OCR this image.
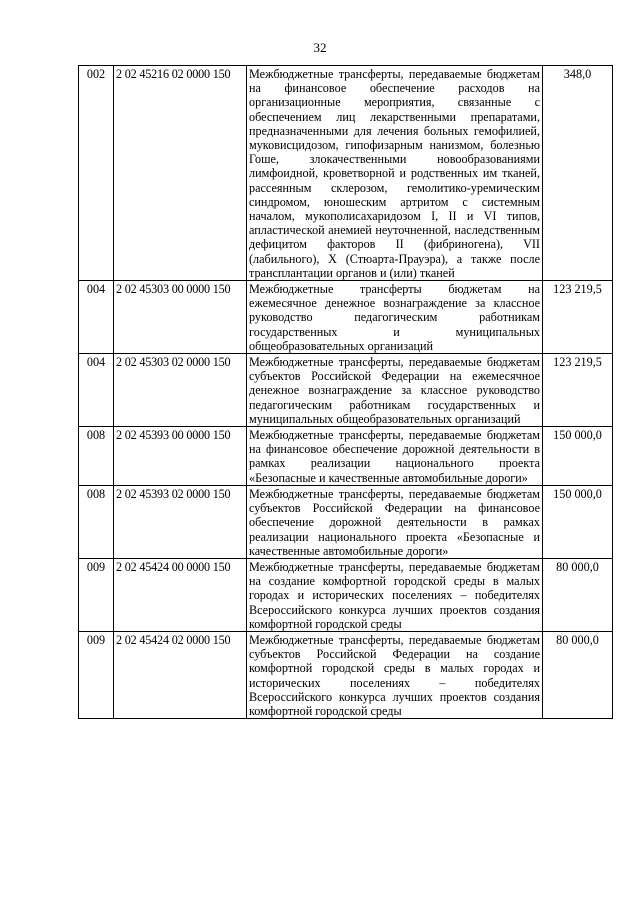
32
002	2 02 45216 02 0000 150	Межбюджетные трансферты, передаваемые бюджетам на финансовое обеспечение расходов на организационные мероприятия, связанные с обеспечением лиц лекарственными препаратами, предназначенными для лечения больных гемофилией, муковисцидозом, гипофизарным нанизмом, болезнью Гоше, злокачественными новообразованиями лимфоидной, кроветворной и родственных им тканей, рассеянным склерозом, гемолитико-уремическим синдромом, юношеским артритом с системным началом, мукополисахаридозом I, II и VI типов, апластической анемией неуточненной, наследственным дефицитом факторов II (фибриногена), VII (лабильного), X (Стюарта-Прауэра), а также после трансплантации органов и (или) тканей	348,0
004	2 02 45303 00 0000 150	Межбюджетные трансферты бюджетам на ежемесячное денежное вознаграждение за классное руководство педагогическим работникам государственных и муниципальных общеобразовательных организаций	123 219,5
004	2 02 45303 02 0000 150	Межбюджетные трансферты, передаваемые бюджетам субъектов Российской Федерации на ежемесячное денежное вознаграждение за классное руководство педагогическим работникам государственных и муниципальных общеобразовательных организаций	123 219,5
008	2 02 45393 00 0000 150	Межбюджетные трансферты, передаваемые бюджетам на финансовое обеспечение дорожной деятельности в рамках реализации национального проекта «Безопасные и качественные автомобильные дороги»	150 000,0
008	2 02 45393 02 0000 150	Межбюджетные трансферты, передаваемые бюджетам субъектов Российской Федерации на финансовое обеспечение дорожной деятельности в рамках реализации национального проекта «Безопасные и качественные автомобильные дороги»	150 000,0
009	2 02 45424 00 0000 150	Межбюджетные трансферты, передаваемые бюджетам на создание комфортной городской среды в малых городах и исторических поселениях – победителях Всероссийского конкурса лучших проектов создания комфортной городской среды	80 000,0
009	2 02 45424 02 0000 150	Межбюджетные трансферты, передаваемые бюджетам субъектов Российской Федерации на создание комфортной городской среды в малых городах и исторических поселениях – победителях Всероссийского конкурса лучших проектов создания комфортной городской среды	80 000,0
